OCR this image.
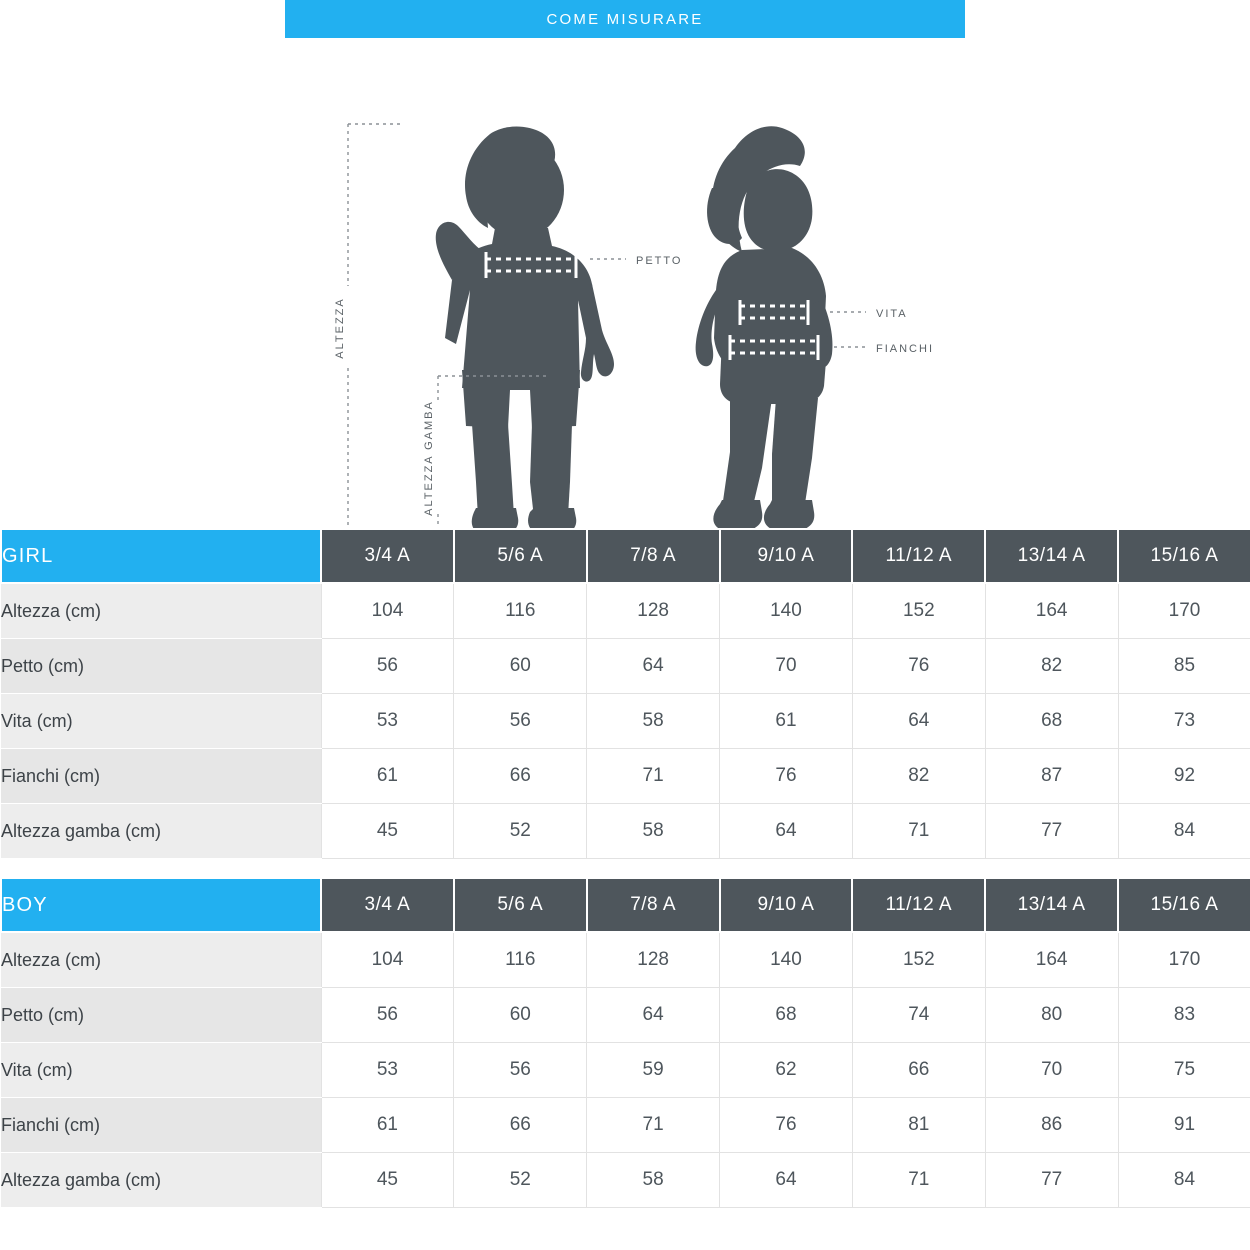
COME MISURARE
ALTEZZA
ALTEZZA GAMBA
PETTO
VITA
FIANCHI
GIRL	3/4 A	5/6 A	7/8 A	9/10 A	11/12 A	13/14 A	15/16 A
Altezza (cm)	104	116	128	140	152	164	170
Petto (cm)	56	60	64	70	76	82	85
Vita (cm)	53	56	58	61	64	68	73
Fianchi (cm)	61	66	71	76	82	87	92
Altezza gamba (cm)	45	52	58	64	71	77	84
BOY	3/4 A	5/6 A	7/8 A	9/10 A	11/12 A	13/14 A	15/16 A
Altezza (cm)	104	116	128	140	152	164	170
Petto (cm)	56	60	64	68	74	80	83
Vita (cm)	53	56	59	62	66	70	75
Fianchi (cm)	61	66	71	76	81	86	91
Altezza gamba (cm)	45	52	58	64	71	77	84
